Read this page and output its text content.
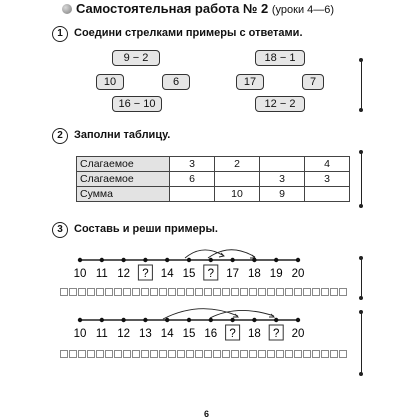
Самостоятельная работа № 2 (уроки 4—6)
1	Соедини стрелками примеры с ответами.
9 − 2
10	6
16 − 10
18 − 1
17	7
12 − 2
2	Заполни таблицу.
Слагаемое	3	2		4
Слагаемое	6		3	3
Сумма		10	9	
3	Составь и реши примеры.
10 11 12 ? 14 15 ? 17 18 19 20
10 11 12 13 14 15 16 ? 18 ? 20
6
